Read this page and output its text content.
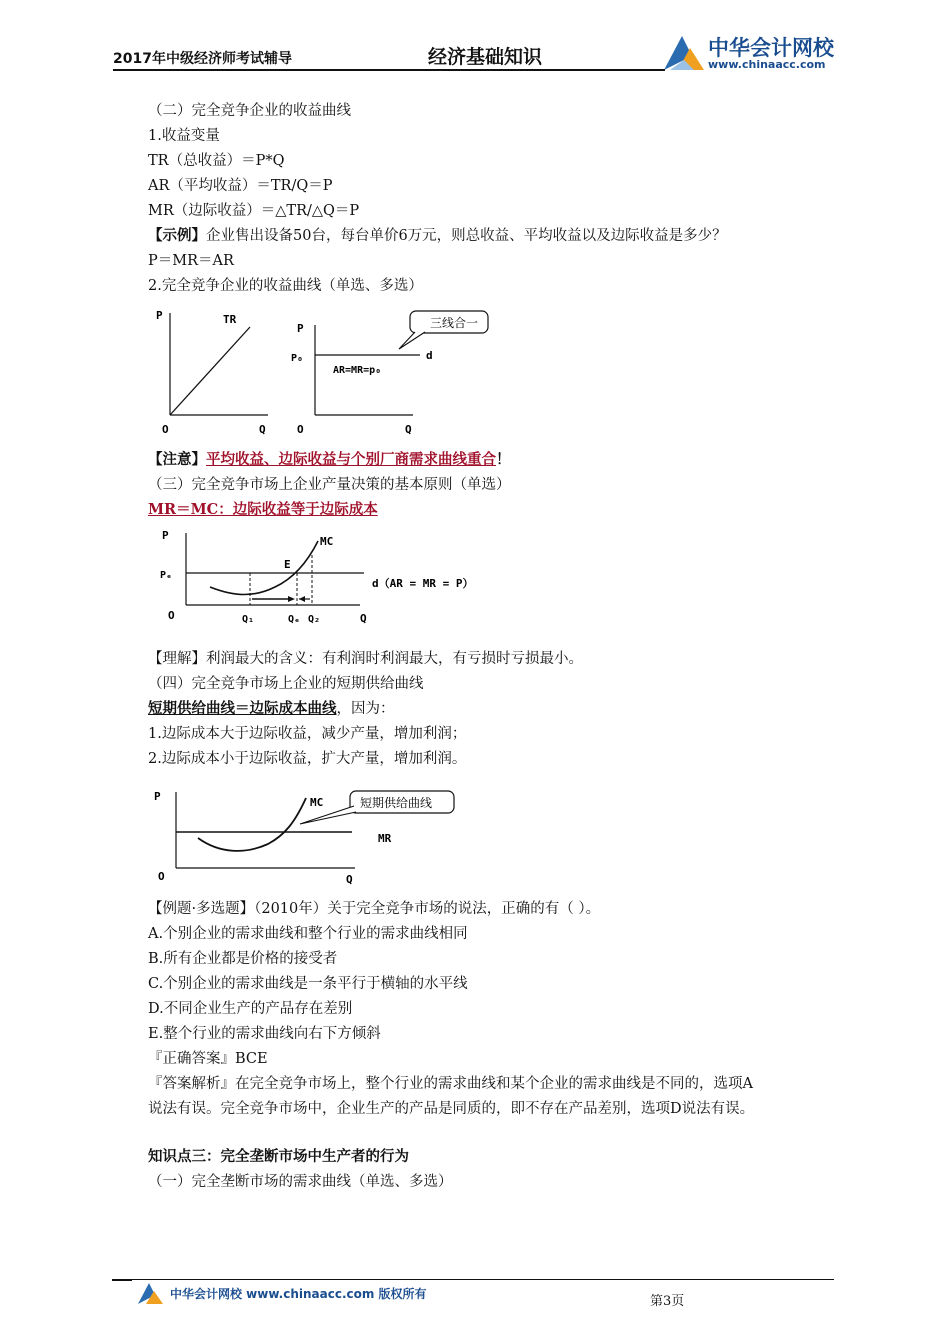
2017年中级经济师考试辅导	经济基础知识	中华会计网校
www.chinaacc.com
（二）完全竞争企业的收益曲线
1.收益变量
TR（总收益）＝P*Q
AR（平均收益）＝TR/Q＝P
MR（边际收益）＝△TR/△Q＝P
【示例】企业售出设备50台，每台单价6万元，则总收益、平均收益以及边际收益是多少？
P＝MR＝AR
2.完全竞争企业的收益曲线（单选、多选）
P	TR
O	Q
P
P₀	d
AR=MR=p₀
O	Q
三线合一
【注意】平均收益、边际收益与个别厂商需求曲线重合！
（三）完全竞争市场上企业产量决策的基本原则（单选）
MR＝MC：边际收益等于边际成本
P
Pₑ
MC
E
d（AR = MR = P）
O	Q₁	Qₑ Q₂	Q
【理解】利润最大的含义：有利润时利润最大，有亏损时亏损最小。
（四）完全竞争市场上企业的短期供给曲线
短期供给曲线＝边际成本曲线，因为：
1.边际成本大于边际收益，减少产量，增加利润；
2.边际成本小于边际收益，扩大产量，增加利润。
P	MC	短期供给曲线
MR
O	Q
【例题·多选题】（2010年）关于完全竞争市场的说法，正确的有（ ）。
A.个别企业的需求曲线和整个行业的需求曲线相同
B.所有企业都是价格的接受者
C.个别企业的需求曲线是一条平行于横轴的水平线
D.不同企业生产的产品存在差别
E.整个行业的需求曲线向右下方倾斜
『正确答案』BCE
『答案解析』在完全竞争市场上，整个行业的需求曲线和某个企业的需求曲线是不同的，选项A
说法有误。完全竞争市场中，企业生产的产品是同质的，即不存在产品差别，选项D说法有误。
知识点三：完全垄断市场中生产者的行为
（一）完全垄断市场的需求曲线（单选、多选）
中华会计网校 www.chinaacc.com 版权所有	第3页
